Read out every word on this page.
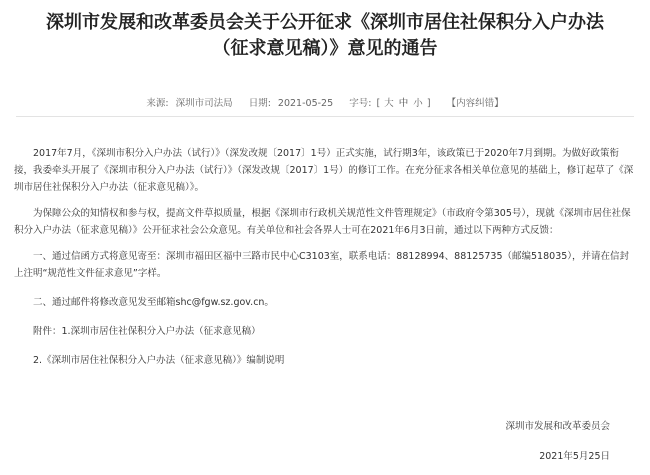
深圳市发展和改革委员会关于公开征求《深圳市居住社保积分入户办法
（征求意见稿）》意见的通告
来源: 深圳市司法局 日期: 2021-05-25 字号: [ 大 中 小 ] 【内容纠错】

2017年7月，《深圳市积分入户办法（试行）》（深发改规〔2017〕1号）正式实施，试行期3年，该政策已于2020年7月到期。为做好政策衔接，我委牵头开展了《深圳市积分入户办法（试行）》（深发改规〔2017〕1号）的修订工作。在充分征求各相关单位意见的基础上，修订起草了《深圳市居住社保积分入户办法（征求意见稿）》。

为保障公众的知情权和参与权，提高文件草拟质量，根据《深圳市行政机关规范性文件管理规定》（市政府令第305号），现就《深圳市居住社保积分入户办法（征求意见稿）》公开征求社会公众意见。有关单位和社会各界人士可在2021年6月3日前，通过以下两种方式反馈：

一、通过信函方式将意见寄至：深圳市福田区福中三路市民中心C3103室，联系电话：88128994、88125735（邮编518035），并请在信封上注明“规范性文件征求意见”字样。

二、通过邮件将修改意见发至邮箱shc@fgw.sz.gov.cn。

附件：1.深圳市居住社保积分入户办法（征求意见稿）

2.《深圳市居住社保积分入户办法（征求意见稿）》编制说明

深圳市发展和改革委员会
2021年5月25日
